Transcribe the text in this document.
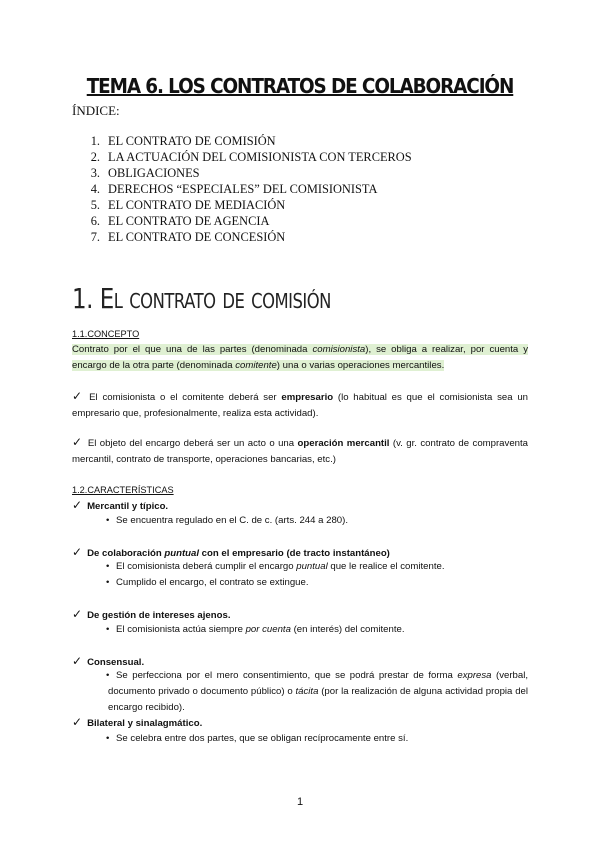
TEMA 6. LOS CONTRATOS DE COLABORACIÓN

ÍNDICE:

1. EL CONTRATO DE COMISIÓN
2. LA ACTUACIÓN DEL COMISIONISTA CON TERCEROS
3. OBLIGACIONES
4. DERECHOS “ESPECIALES” DEL COMISIONISTA
5. EL CONTRATO DE MEDIACIÓN
6. EL CONTRATO DE AGENCIA
7. EL CONTRATO DE CONCESIÓN
1. El contrato de comisión
1.1.CONCEPTO

Contrato por el que una de las partes (denominada comisionista), se obliga a realizar, por cuenta y encargo de la otra parte (denominada comitente) una o varias operaciones mercantiles.

✓ El comisionista o el comitente deberá ser empresario (lo habitual es que el comisionista sea un empresario que, profesionalmente, realiza esta actividad).

✓ El objeto del encargo deberá ser un acto o una operación mercantil (v. gr. contrato de compraventa mercantil, contrato de transporte, operaciones bancarias, etc.)

1.2.CARACTERÍSTICAS

✓ Mercantil y típico.

• Se encuentra regulado en el C. de c. (arts. 244 a 280).

✓ De colaboración puntual con el empresario (de tracto instantáneo)

• El comisionista deberá cumplir el encargo puntual que le realice el comitente.

• Cumplido el encargo, el contrato se extingue.

✓ De gestión de intereses ajenos.

• El comisionista actúa siempre por cuenta (en interés) del comitente.

✓ Consensual.

• Se perfecciona por el mero consentimiento, que se podrá prestar de forma expresa (verbal, documento privado o documento público) o tácita (por la realización de alguna actividad propia del encargo recibido).

✓ Bilateral y sinalagmático.

• Se celebra entre dos partes, que se obligan recíprocamente entre sí.

1
